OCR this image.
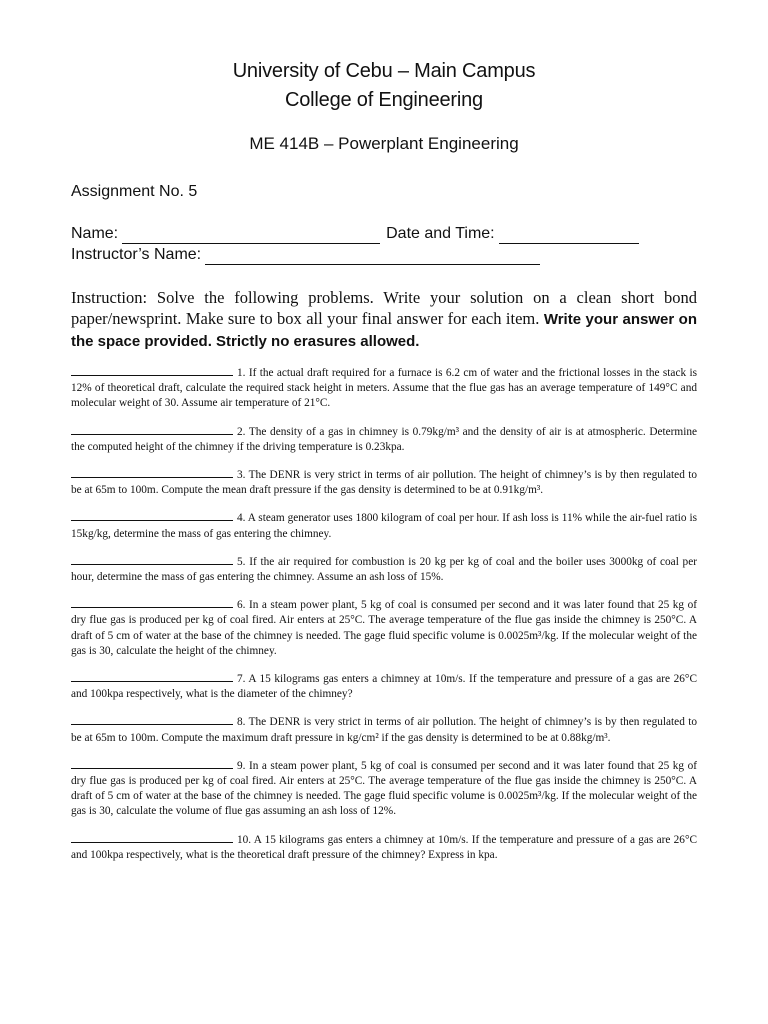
University of Cebu – Main Campus
College of Engineering
ME 414B – Powerplant Engineering
Assignment No. 5
Name:	Date and Time:
Instructor’s Name:
Instruction: Solve the following problems. Write your solution on a clean short bond paper/newsprint. Make sure to box all your final answer for each item. Write your answer on the space provided. Strictly no erasures allowed.
1. If the actual draft required for a furnace is 6.2 cm of water and the frictional losses in the stack is 12% of theoretical draft, calculate the required stack height in meters. Assume that the flue gas has an average temperature of 149°C and molecular weight of 30. Assume air temperature of 21°C.
2. The density of a gas in chimney is 0.79kg/m³ and the density of air is at atmospheric. Determine the computed height of the chimney if the driving temperature is 0.23kpa.
3. The DENR is very strict in terms of air pollution. The height of chimney’s is by then regulated to be at 65m to 100m. Compute the mean draft pressure if the gas density is determined to be at 0.91kg/m³.
4. A steam generator uses 1800 kilogram of coal per hour. If ash loss is 11% while the air-fuel ratio is 15kg/kg, determine the mass of gas entering the chimney.
5. If the air required for combustion is 20 kg per kg of coal and the boiler uses 3000kg of coal per hour, determine the mass of gas entering the chimney. Assume an ash loss of 15%.
6. In a steam power plant, 5 kg of coal is consumed per second and it was later found that 25 kg of dry flue gas is produced per kg of coal fired. Air enters at 25°C. The average temperature of the flue gas inside the chimney is 250°C. A draft of 5 cm of water at the base of the chimney is needed. The gage fluid specific volume is 0.0025m³/kg. If the molecular weight of the gas is 30, calculate the height of the chimney.
7. A 15 kilograms gas enters a chimney at 10m/s. If the temperature and pressure of a gas are 26°C and 100kpa respectively, what is the diameter of the chimney?
8. The DENR is very strict in terms of air pollution. The height of chimney’s is by then regulated to be at 65m to 100m. Compute the maximum draft pressure in kg/cm² if the gas density is determined to be at 0.88kg/m³.
9. In a steam power plant, 5 kg of coal is consumed per second and it was later found that 25 kg of dry flue gas is produced per kg of coal fired. Air enters at 25°C. The average temperature of the flue gas inside the chimney is 250°C. A draft of 5 cm of water at the base of the chimney is needed. The gage fluid specific volume is 0.0025m³/kg. If the molecular weight of the gas is 30, calculate the volume of flue gas assuming an ash loss of 12%.
10. A 15 kilograms gas enters a chimney at 10m/s. If the temperature and pressure of a gas are 26°C and 100kpa respectively, what is the theoretical draft pressure of the chimney? Express in kpa.
